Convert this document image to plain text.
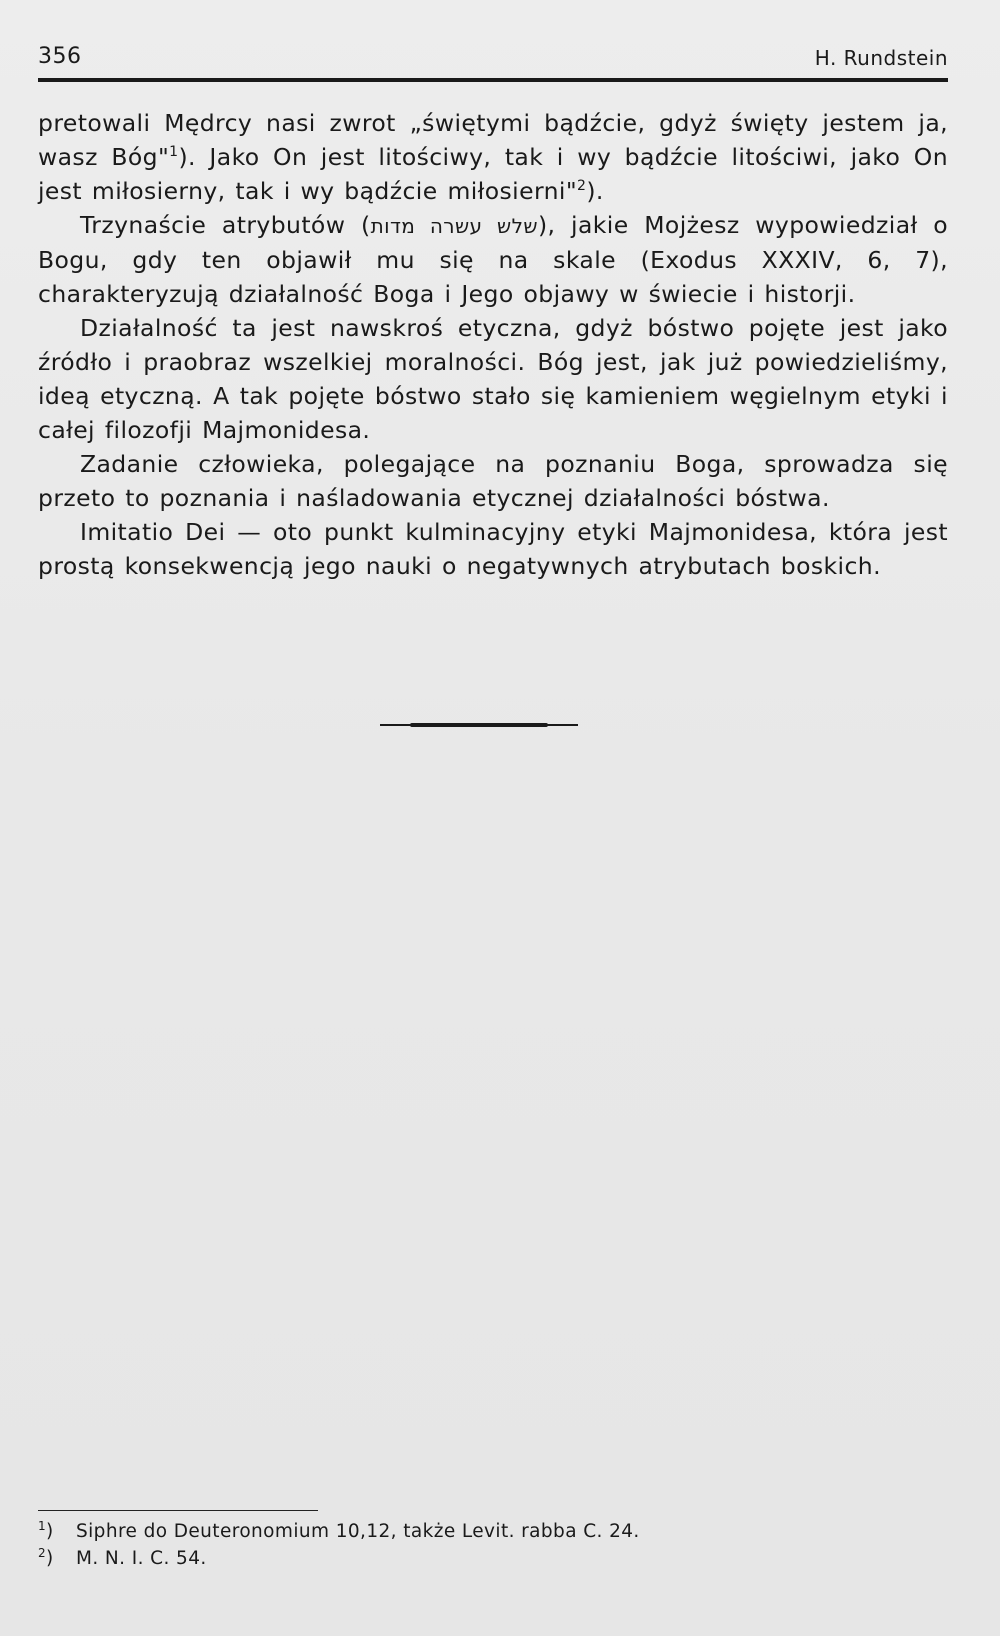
356	H. Rundstein

pretowali Mędrcy nasi zwrot „świętymi bądźcie, gdyż święty jestem ja, wasz Bóg"$^1$). Jako On jest litościwy, tak i wy bądźcie litościwi, jako On jest miłosierny, tak i wy bądźcie miłosierni"$^2$).

Trzynaście atrybutów (שלש עשרה מדות), jakie Mojżesz wypowiedział o Bogu, gdy ten objawił mu się na skale (Exodus XXXIV, 6, 7), charakteryzują działalność Boga i Jego objawy w świecie i historji.

Działalność ta jest nawskroś etyczna, gdyż bóstwo pojęte jest jako źródło i praobraz wszelkiej moralności. Bóg jest, jak już powiedzieliśmy, ideą etyczną. A tak pojęte bóstwo stało się kamieniem węgielnym etyki i całej filozofji Majmonidesa.

Zadanie człowieka, polegające na poznaniu Boga, sprowadza się przeto to poznania i naśladowania etycznej działalności bóstwa.

Imitatio Dei — oto punkt kulminacyjny etyki Majmonidesa, która jest prostą konsekwencją jego nauki o negatywnych atrybutach boskich.

$^1$) Siphre do Deuteronomium 10,12, także Levit. rabba C. 24.
$^2$) M. N. I. C. 54.
